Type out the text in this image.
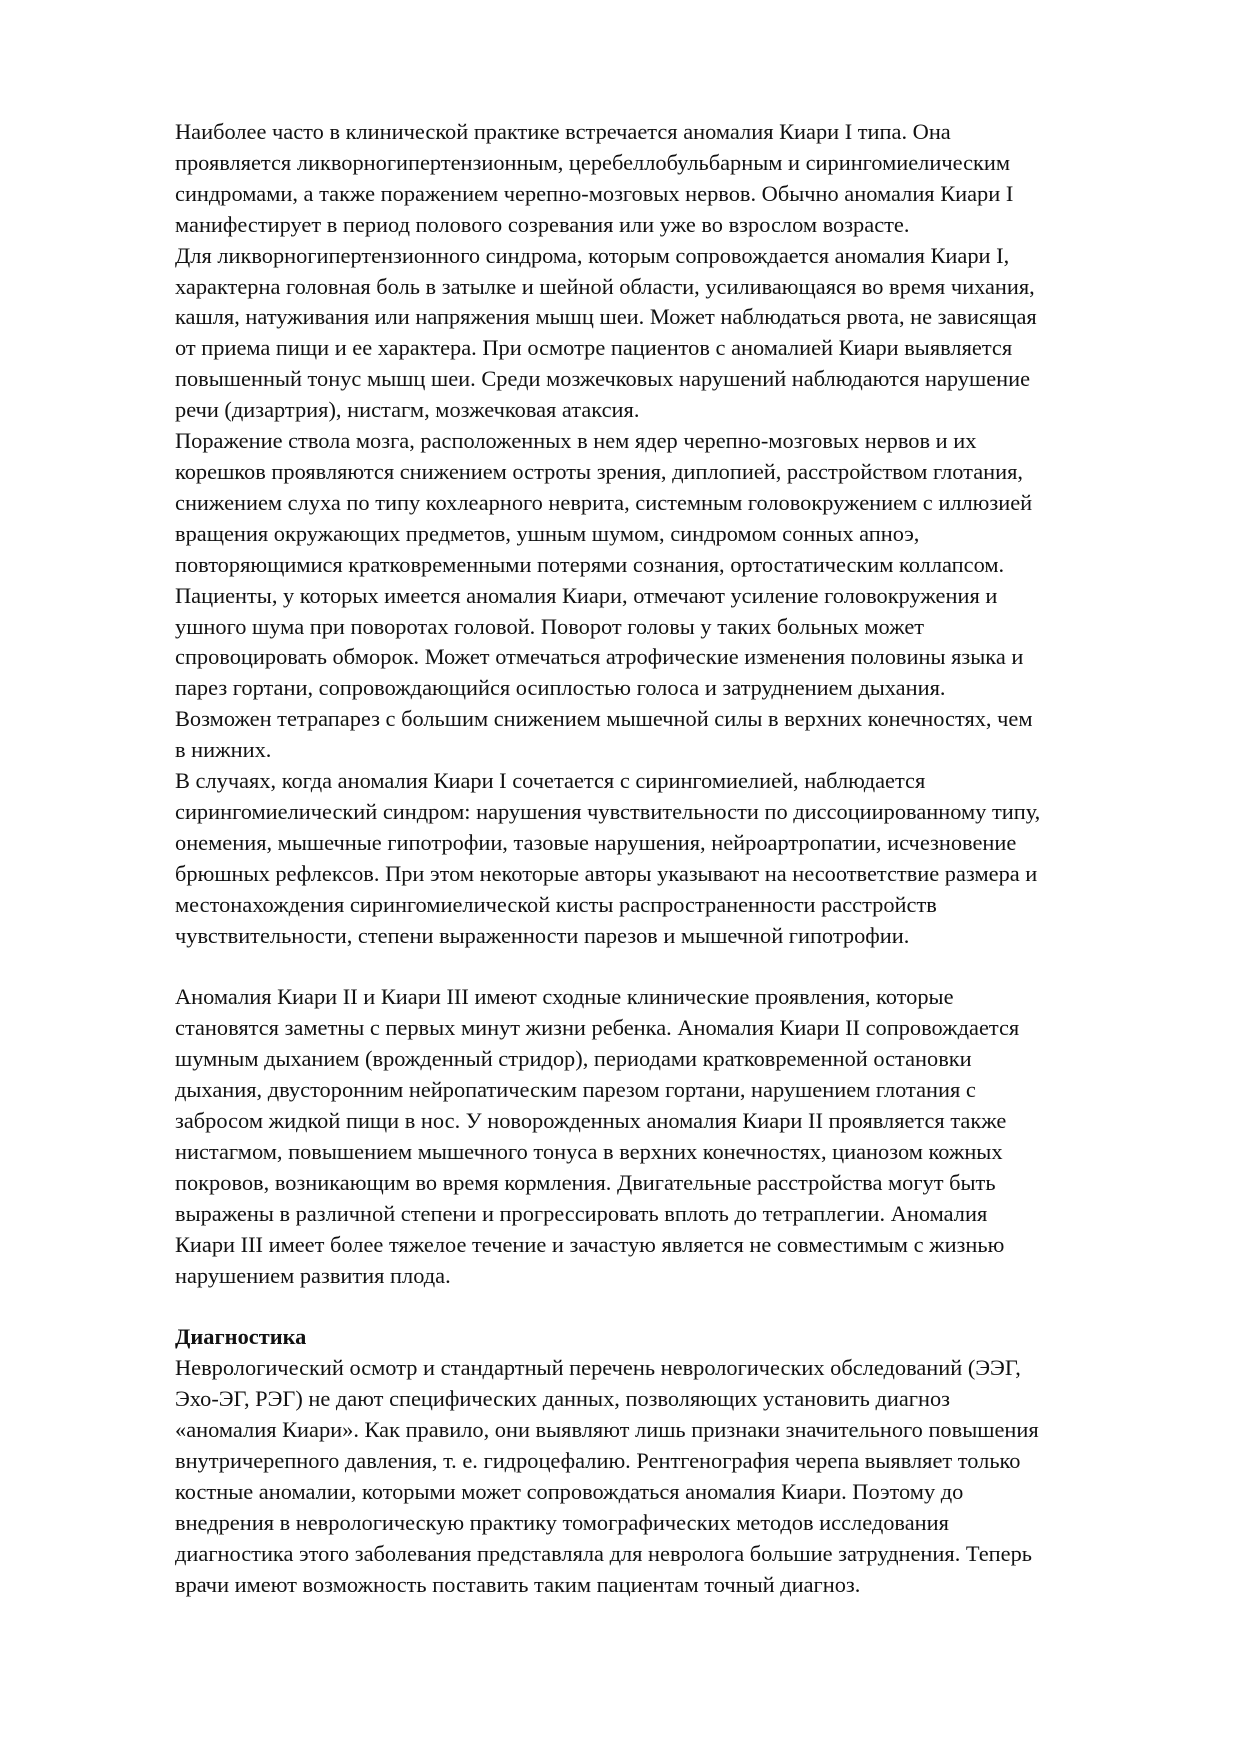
Наиболее часто в клинической практике встречается аномалия Киари I типа. Она
проявляется ликворногипертензионным, церебеллобульбарным и сирингомиелическим
синдромами, а также поражением черепно-мозговых нервов. Обычно аномалия Киари I
манифестирует в период полового созревания или уже во взрослом возрасте.

Для ликворногипертензионного синдрома, которым сопровождается аномалия Киари I,
характерна головная боль в затылке и шейной области, усиливающаяся во время чихания,
кашля, натуживания или напряжения мышц шеи. Может наблюдаться рвота, не зависящая
от приема пищи и ее характера. При осмотре пациентов с аномалией Киари выявляется
повышенный тонус мышц шеи. Среди мозжечковых нарушений наблюдаются нарушение
речи (дизартрия), нистагм, мозжечковая атаксия.

Поражение ствола мозга, расположенных в нем ядер черепно-мозговых нервов и их
корешков проявляются снижением остроты зрения, диплопией, расстройством глотания,
снижением слуха по типу кохлеарного неврита, системным головокружением с иллюзией
вращения окружающих предметов, ушным шумом, синдромом сонных апноэ,
повторяющимися кратковременными потерями сознания, ортостатическим коллапсом.
Пациенты, у которых имеется аномалия Киари, отмечают усиление головокружения и
ушного шума при поворотах головой. Поворот головы у таких больных может
спровоцировать обморок. Может отмечаться атрофические изменения половины языка и
парез гортани, сопровождающийся осиплостью голоса и затруднением дыхания.
Возможен тетрапарез с большим снижением мышечной силы в верхних конечностях, чем
в нижних.

В случаях, когда аномалия Киари I сочетается с сирингомиелией, наблюдается
сирингомиелический синдром: нарушения чувствительности по диссоциированному типу,
онемения, мышечные гипотрофии, тазовые нарушения, нейроартропатии, исчезновение
брюшных рефлексов. При этом некоторые авторы указывают на несоответствие размера и
местонахождения сирингомиелической кисты распространенности расстройств
чувствительности, степени выраженности парезов и мышечной гипотрофии.

Аномалия Киари II и Киари III имеют сходные клинические проявления, которые
становятся заметны с первых минут жизни ребенка. Аномалия Киари II сопровождается
шумным дыханием (врожденный стридор), периодами кратковременной остановки
дыхания, двусторонним нейропатическим парезом гортани, нарушением глотания с
забросом жидкой пищи в нос. У новорожденных аномалия Киари II проявляется также
нистагмом, повышением мышечного тонуса в верхних конечностях, цианозом кожных
покровов, возникающим во время кормления. Двигательные расстройства могут быть
выражены в различной степени и прогрессировать вплоть до тетраплегии. Аномалия
Киари III имеет более тяжелое течение и зачастую является не совместимым с жизнью
нарушением развития плода.

Диагностика
Неврологический осмотр и стандартный перечень неврологических обследований (ЭЭГ,
Эхо-ЭГ, РЭГ) не дают специфических данных, позволяющих установить диагноз
«аномалия Киари». Как правило, они выявляют лишь признаки значительного повышения
внутричерепного давления, т. е. гидроцефалию. Рентгенография черепа выявляет только
костные аномалии, которыми может сопровождаться аномалия Киари. Поэтому до
внедрения в неврологическую практику томографических методов исследования
диагностика этого заболевания представляла для невролога большие затруднения. Теперь
врачи имеют возможность поставить таким пациентам точный диагноз.
